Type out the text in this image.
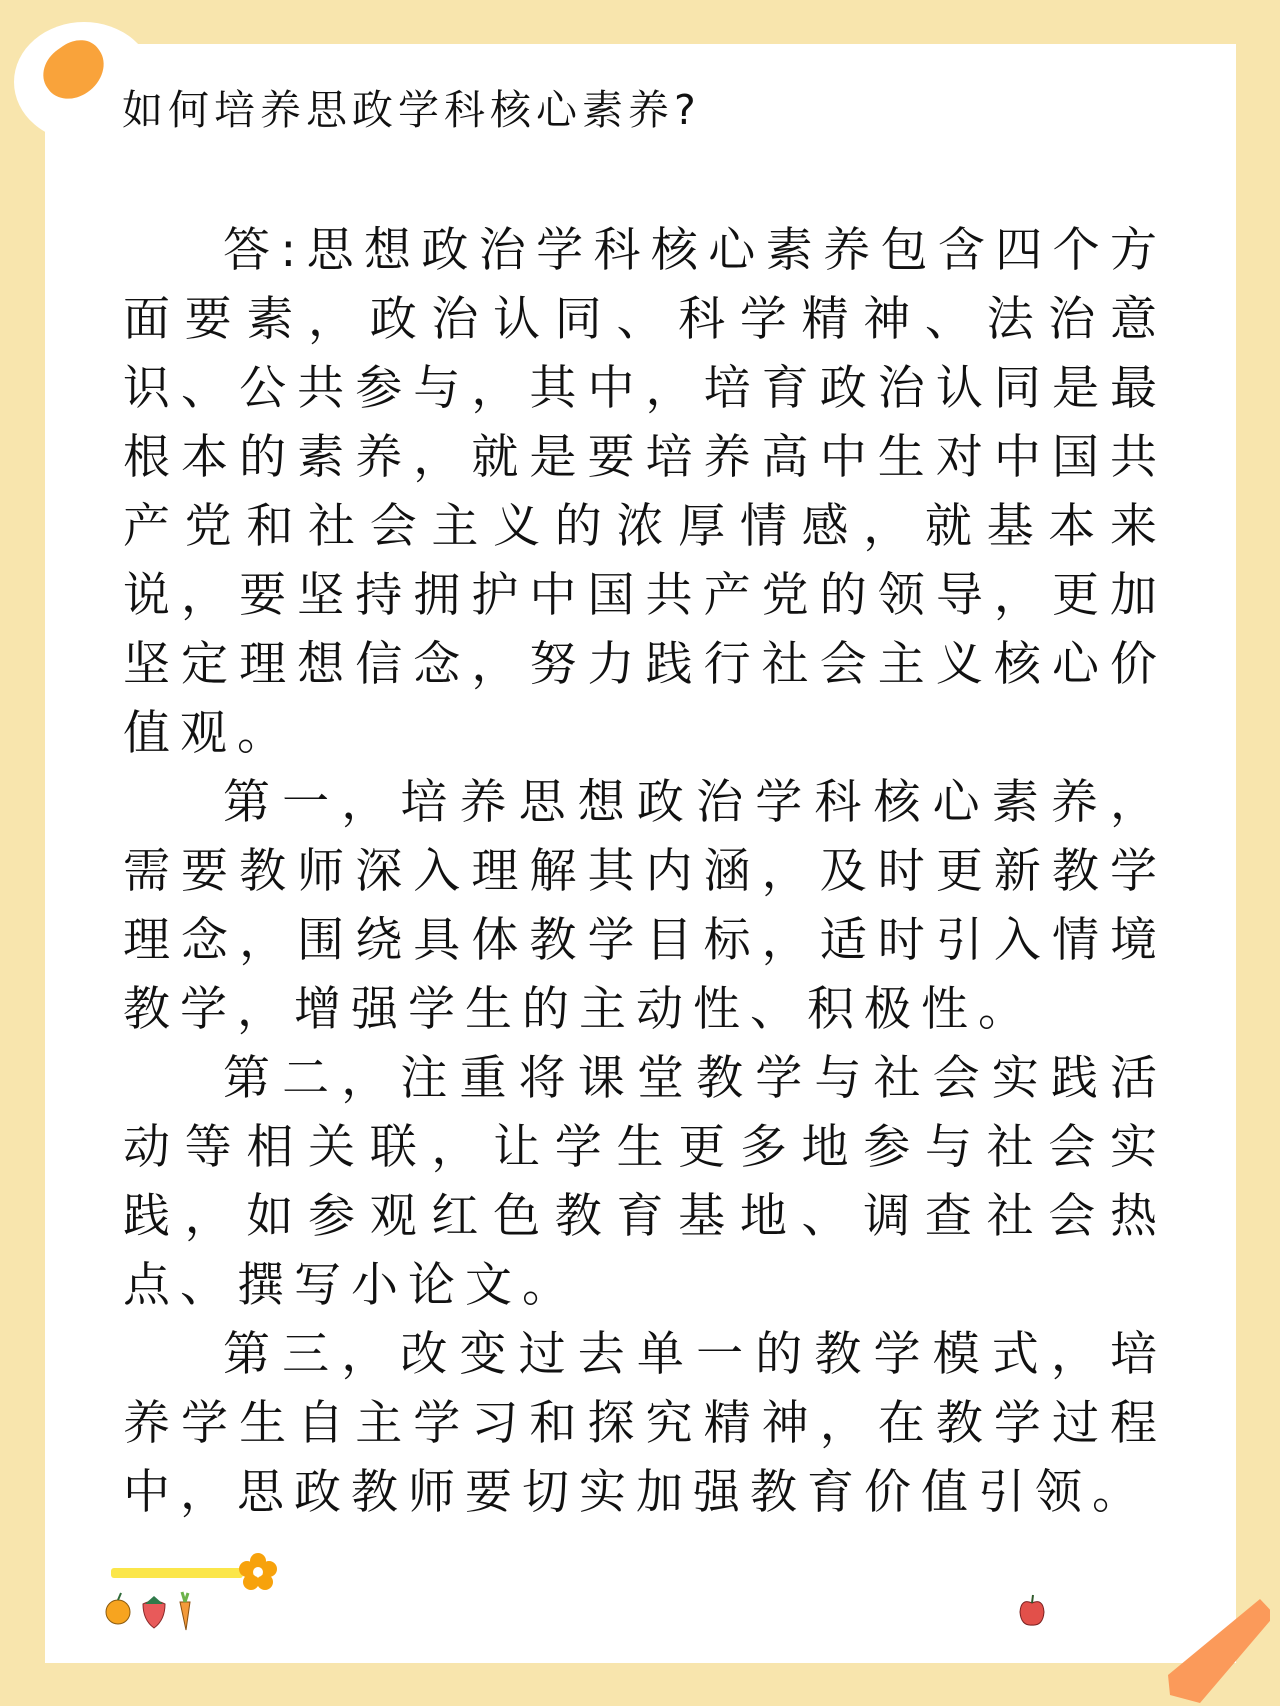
如何培养思政学科核心素养?
答:思想政治学科核心素养包含四个方
面要素，政治认同、科学精神、法治意
识、公共参与，其中，培育政治认同是最
根本的素养，就是要培养高中生对中国共
产党和社会主义的浓厚情感，就基本来
说，要坚持拥护中国共产党的领导，更加
坚定理想信念，努力践行社会主义核心价
值观。
第一，培养思想政治学科核心素养，
需要教师深入理解其内涵，及时更新教学
理念，围绕具体教学目标，适时引入情境
教学，增强学生的主动性、积极性。
第二，注重将课堂教学与社会实践活
动等相关联，让学生更多地参与社会实
践，如参观红色教育基地、调查社会热
点、撰写小论文。
第三，改变过去单一的教学模式，培
养学生自主学习和探究精神，在教学过程
中，思政教师要切实加强教育价值引领。
